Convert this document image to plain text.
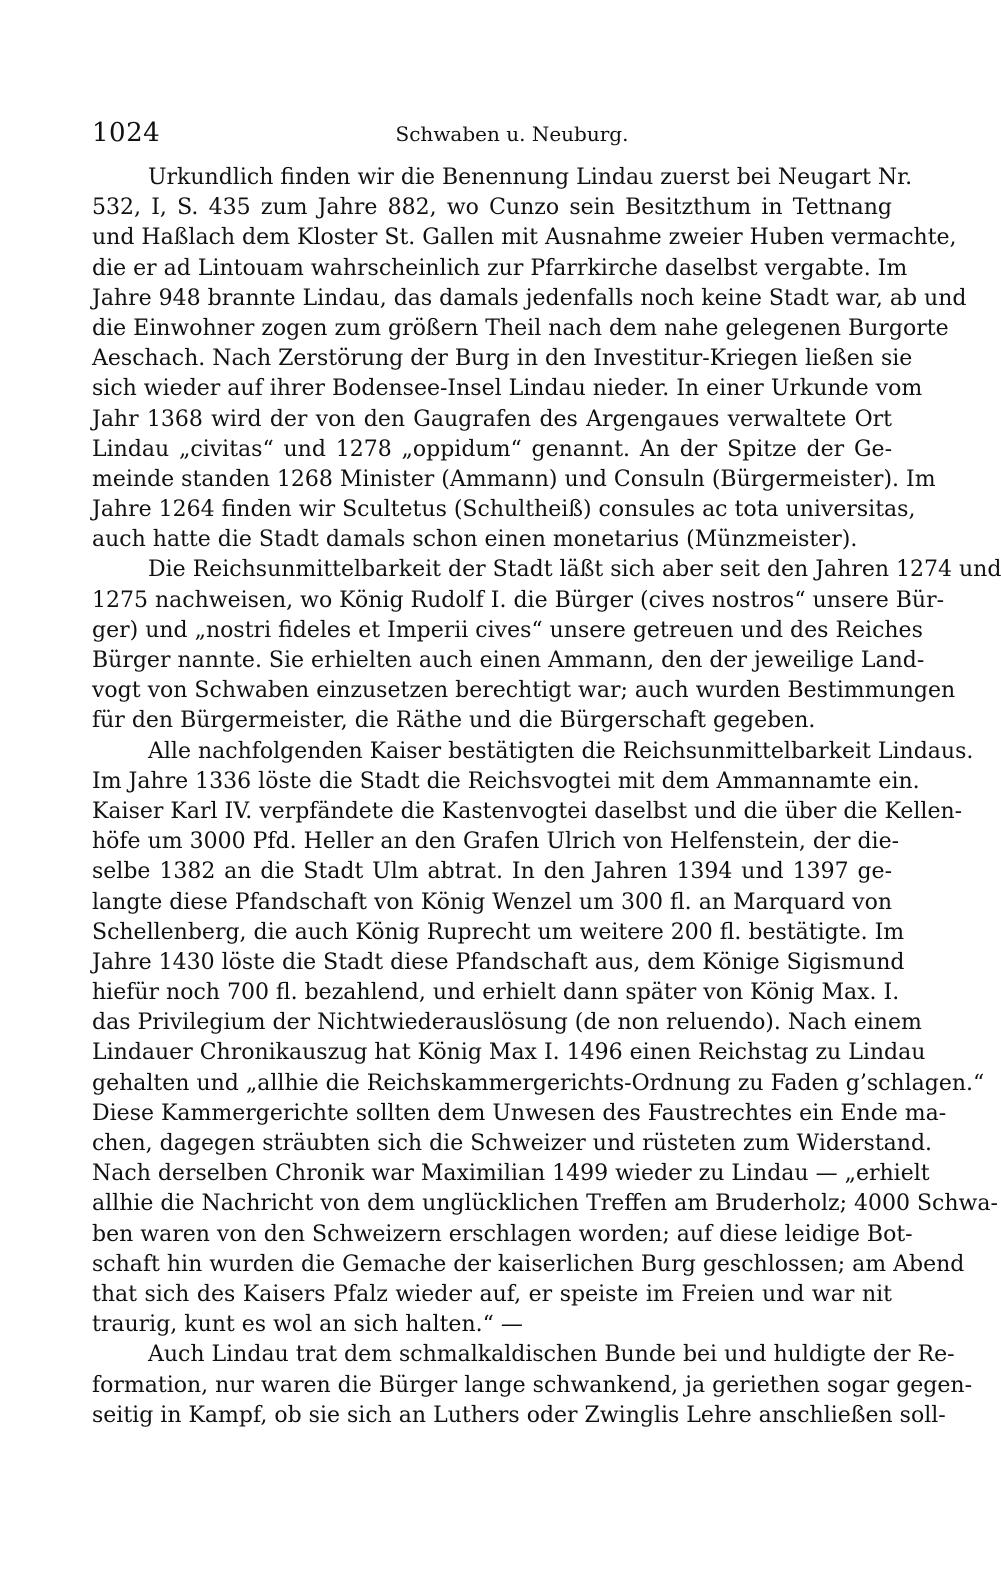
1024	Schwaben u. Neuburg.
Urkundlich finden wir die Benennung Lindau zuerst bei Neugart Nr.
532, I, S. 435 zum Jahre 882, wo Cunzo sein Besitzthum in Tettnang
und Haßlach dem Kloster St. Gallen mit Ausnahme zweier Huben vermachte,
die er ad Lintouam wahrscheinlich zur Pfarrkirche daselbst vergabte. Im
Jahre 948 brannte Lindau, das damals jedenfalls noch keine Stadt war, ab und
die Einwohner zogen zum größern Theil nach dem nahe gelegenen Burgorte
Aeschach. Nach Zerstörung der Burg in den Investitur-Kriegen ließen sie
sich wieder auf ihrer Bodensee-Insel Lindau nieder. In einer Urkunde vom
Jahr 1368 wird der von den Gaugrafen des Argengaues verwaltete Ort
Lindau „civitas“ und 1278 „oppidum“ genannt. An der Spitze der Ge-
meinde standen 1268 Minister (Ammann) und Consuln (Bürgermeister). Im
Jahre 1264 finden wir Scultetus (Schultheiß) consules ac tota universitas,
auch hatte die Stadt damals schon einen monetarius (Münzmeister).
Die Reichsunmittelbarkeit der Stadt läßt sich aber seit den Jahren 1274 und
1275 nachweisen, wo König Rudolf I. die Bürger (cives nostros“ unsere Bür-
ger) und „nostri fideles et Imperii cives“ unsere getreuen und des Reiches
Bürger nannte. Sie erhielten auch einen Ammann, den der jeweilige Land-
vogt von Schwaben einzusetzen berechtigt war; auch wurden Bestimmungen
für den Bürgermeister, die Räthe und die Bürgerschaft gegeben.
Alle nachfolgenden Kaiser bestätigten die Reichsunmittelbarkeit Lindaus.
Im Jahre 1336 löste die Stadt die Reichsvogtei mit dem Ammannamte ein.
Kaiser Karl IV. verpfändete die Kastenvogtei daselbst und die über die Kellen-
höfe um 3000 Pfd. Heller an den Grafen Ulrich von Helfenstein, der die-
selbe 1382 an die Stadt Ulm abtrat. In den Jahren 1394 und 1397 ge-
langte diese Pfandschaft von König Wenzel um 300 fl. an Marquard von
Schellenberg, die auch König Ruprecht um weitere 200 fl. bestätigte. Im
Jahre 1430 löste die Stadt diese Pfandschaft aus, dem Könige Sigismund
hiefür noch 700 fl. bezahlend, und erhielt dann später von König Max. I.
das Privilegium der Nichtwiederauslösung (de non reluendo). Nach einem
Lindauer Chronikauszug hat König Max I. 1496 einen Reichstag zu Lindau
gehalten und „allhie die Reichskammergerichts-Ordnung zu Faden g’schlagen.“
Diese Kammergerichte sollten dem Unwesen des Faustrechtes ein Ende ma-
chen, dagegen sträubten sich die Schweizer und rüsteten zum Widerstand.
Nach derselben Chronik war Maximilian 1499 wieder zu Lindau — „erhielt
allhie die Nachricht von dem unglücklichen Treffen am Bruderholz; 4000 Schwa-
ben waren von den Schweizern erschlagen worden; auf diese leidige Bot-
schaft hin wurden die Gemache der kaiserlichen Burg geschlossen; am Abend
that sich des Kaisers Pfalz wieder auf, er speiste im Freien und war nit
traurig, kunt es wol an sich halten.“ —
Auch Lindau trat dem schmalkaldischen Bunde bei und huldigte der Re-
formation, nur waren die Bürger lange schwankend, ja geriethen sogar gegen-
seitig in Kampf, ob sie sich an Luthers oder Zwinglis Lehre anschließen soll-
